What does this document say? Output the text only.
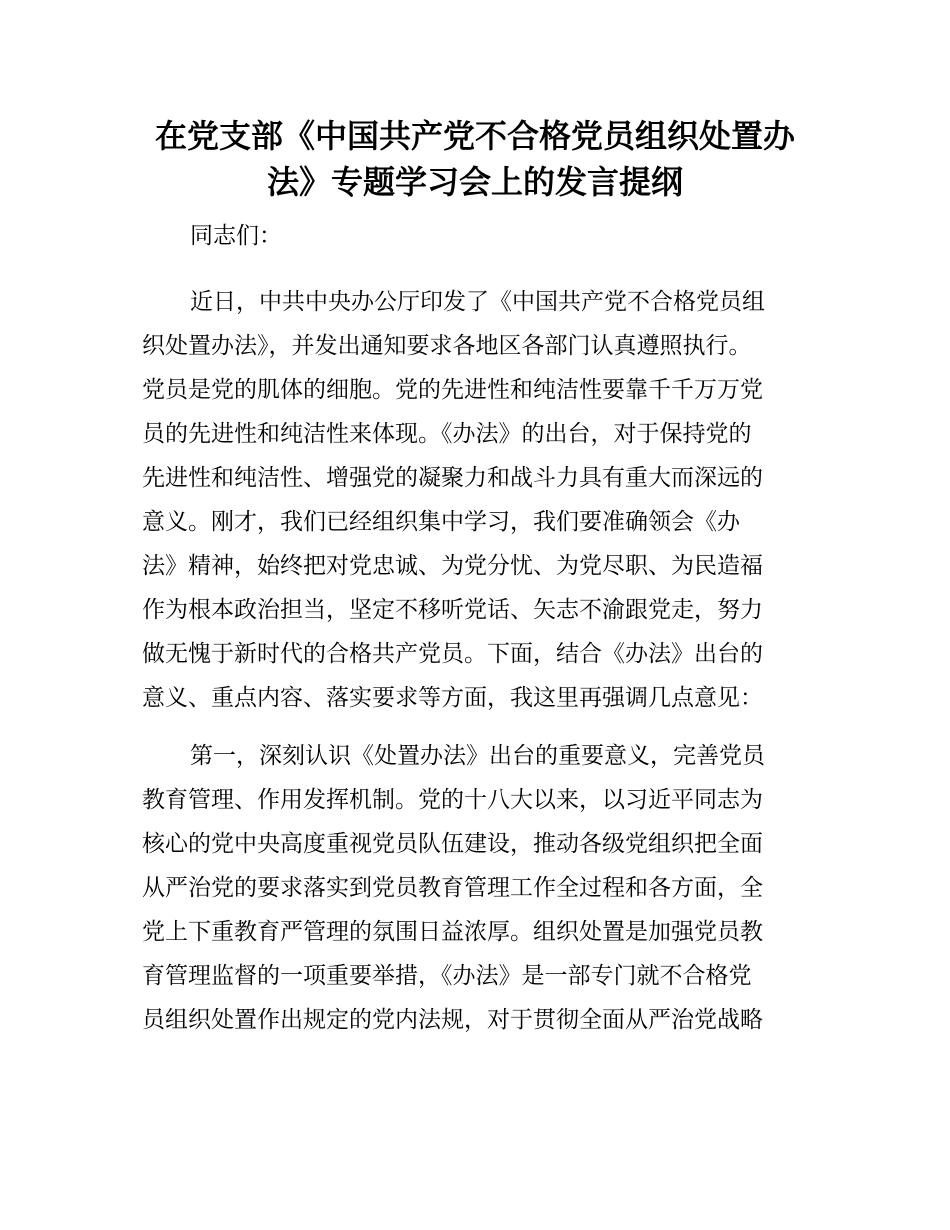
在党支部《中国共产党不合格党员组织处置办
法》专题学习会上的发言提纲

同志们：

近日，中共中央办公厅印发了《中国共产党不合格党员组
织处置办法》，并发出通知要求各地区各部门认真遵照执行。
党员是党的肌体的细胞。党的先进性和纯洁性要靠千千万万党
员的先进性和纯洁性来体现。《办法》的出台，对于保持党的
先进性和纯洁性、增强党的凝聚力和战斗力具有重大而深远的
意义。刚才，我们已经组织集中学习，我们要准确领会《办
法》精神，始终把对党忠诚、为党分忧、为党尽职、为民造福
作为根本政治担当，坚定不移听党话、矢志不渝跟党走，努力
做无愧于新时代的合格共产党员。下面，结合《办法》出台的
意义、重点内容、落实要求等方面，我这里再强调几点意见：

第一，深刻认识《处置办法》出台的重要意义，完善党员
教育管理、作用发挥机制。党的十八大以来，以习近平同志为
核心的党中央高度重视党员队伍建设，推动各级党组织把全面
从严治党的要求落实到党员教育管理工作全过程和各方面，全
党上下重教育严管理的氛围日益浓厚。组织处置是加强党员教
育管理监督的一项重要举措，《办法》是一部专门就不合格党
员组织处置作出规定的党内法规，对于贯彻全面从严治党战略
